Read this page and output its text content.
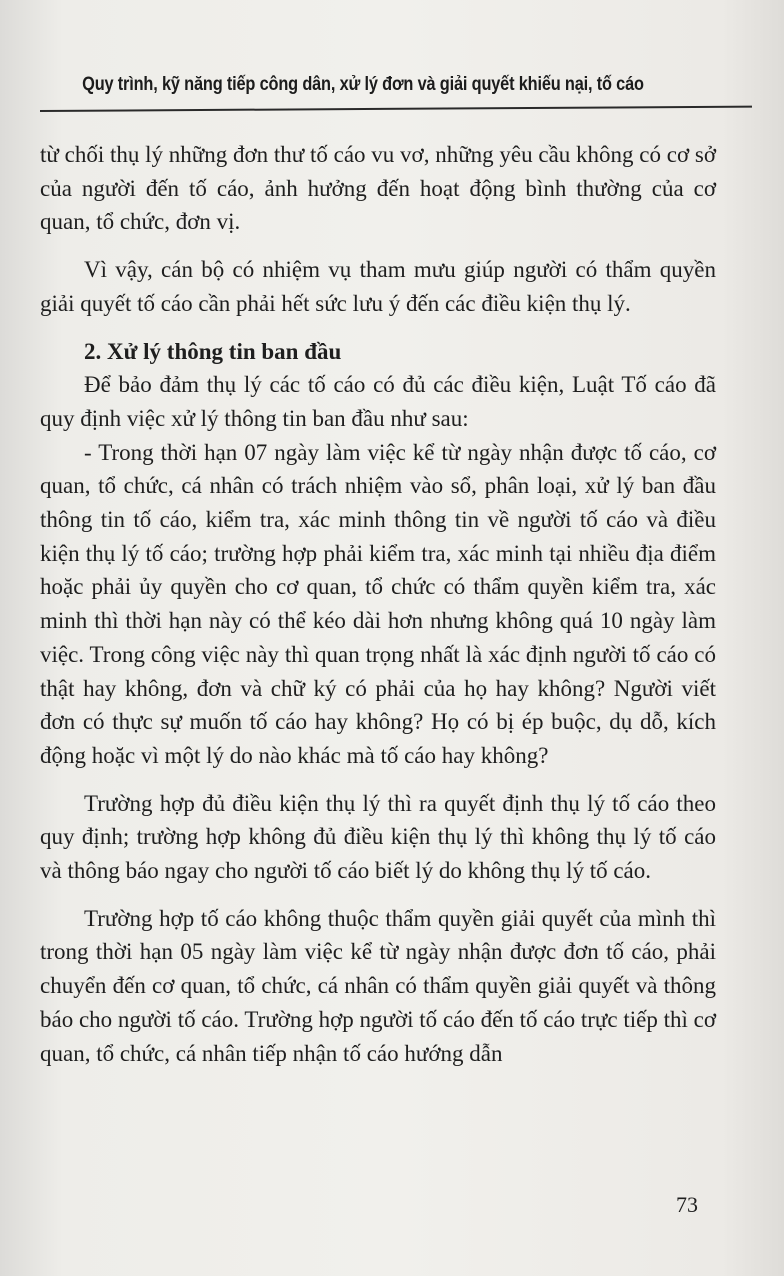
Quy trình, kỹ năng tiếp công dân, xử lý đơn và giải quyết khiếu nại, tố cáo

từ chối thụ lý những đơn thư tố cáo vu vơ, những yêu cầu không có cơ sở của người đến tố cáo, ảnh hưởng đến hoạt động bình thường của cơ quan, tổ chức, đơn vị.

Vì vậy, cán bộ có nhiệm vụ tham mưu giúp người có thẩm quyền giải quyết tố cáo cần phải hết sức lưu ý đến các điều kiện thụ lý.

2. Xử lý thông tin ban đầu

Để bảo đảm thụ lý các tố cáo có đủ các điều kiện, Luật Tố cáo đã quy định việc xử lý thông tin ban đầu như sau:

- Trong thời hạn 07 ngày làm việc kể từ ngày nhận được tố cáo, cơ quan, tổ chức, cá nhân có trách nhiệm vào sổ, phân loại, xử lý ban đầu thông tin tố cáo, kiểm tra, xác minh thông tin về người tố cáo và điều kiện thụ lý tố cáo; trường hợp phải kiểm tra, xác minh tại nhiều địa điểm hoặc phải ủy quyền cho cơ quan, tổ chức có thẩm quyền kiểm tra, xác minh thì thời hạn này có thể kéo dài hơn nhưng không quá 10 ngày làm việc. Trong công việc này thì quan trọng nhất là xác định người tố cáo có thật hay không, đơn và chữ ký có phải của họ hay không? Người viết đơn có thực sự muốn tố cáo hay không? Họ có bị ép buộc, dụ dỗ, kích động hoặc vì một lý do nào khác mà tố cáo hay không?

Trường hợp đủ điều kiện thụ lý thì ra quyết định thụ lý tố cáo theo quy định; trường hợp không đủ điều kiện thụ lý thì không thụ lý tố cáo và thông báo ngay cho người tố cáo biết lý do không thụ lý tố cáo.

Trường hợp tố cáo không thuộc thẩm quyền giải quyết của mình thì trong thời hạn 05 ngày làm việc kể từ ngày nhận được đơn tố cáo, phải chuyển đến cơ quan, tổ chức, cá nhân có thẩm quyền giải quyết và thông báo cho người tố cáo. Trường hợp người tố cáo đến tố cáo trực tiếp thì cơ quan, tổ chức, cá nhân tiếp nhận tố cáo hướng dẫn

73
